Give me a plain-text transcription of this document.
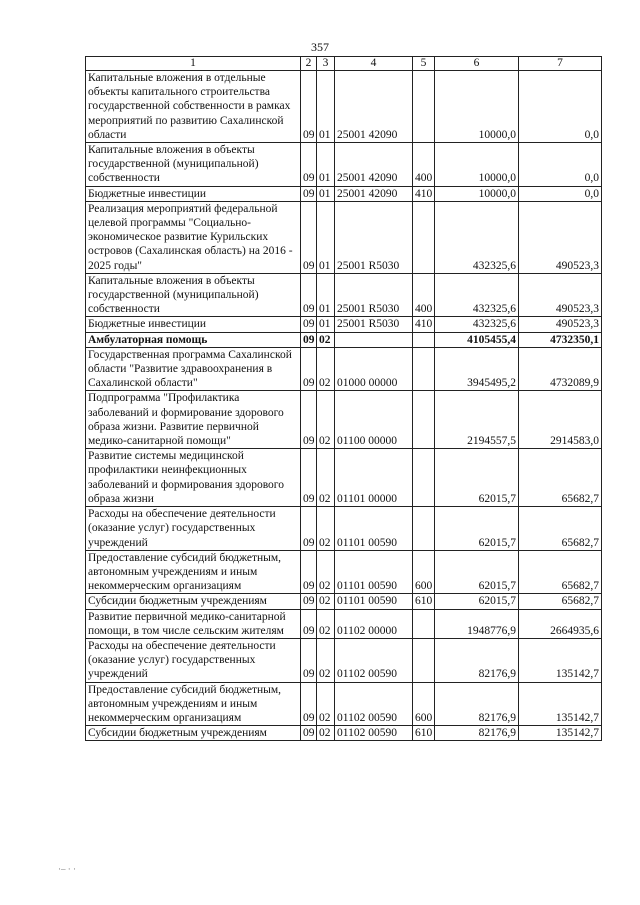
357
1	2	3	4	5	6	7
Капитальные вложения в отдельные объекты капитального строительства государственной собственности в рамках мероприятий по развитию Сахалинской области	09	01	25001 42090		10000,0	0,0
Капитальные вложения в объекты государственной (муниципальной) собственности	09	01	25001 42090	400	10000,0	0,0
Бюджетные инвестиции	09	01	25001 42090	410	10000,0	0,0
Реализация мероприятий федеральной целевой программы "Социально-экономическое развитие Курильских островов (Сахалинская область) на 2016 - 2025 годы"	09	01	25001 R5030		432325,6	490523,3
Капитальные вложения в объекты государственной (муниципальной) собственности	09	01	25001 R5030	400	432325,6	490523,3
Бюджетные инвестиции	09	01	25001 R5030	410	432325,6	490523,3
Амбулаторная помощь	09	02			4105455,4	4732350,1
Государственная программа Сахалинской области "Развитие здравоохранения в Сахалинской области"	09	02	01000 00000		3945495,2	4732089,9
Подпрограмма "Профилактика заболеваний и формирование здорового образа жизни. Развитие первичной медико-санитарной помощи"	09	02	01100 00000		2194557,5	2914583,0
Развитие системы медицинской профилактики неинфекционных заболеваний и формирования здорового образа жизни	09	02	01101 00000		62015,7	65682,7
Расходы на обеспечение деятельности (оказание услуг) государственных учреждений	09	02	01101 00590		62015,7	65682,7
Предоставление субсидий бюджетным, автономным учреждениям и иным некоммерческим организациям	09	02	01101 00590	600	62015,7	65682,7
Субсидии бюджетным учреждениям	09	02	01101 00590	610	62015,7	65682,7
Развитие первичной медико-санитарной помощи, в том числе сельским жителям	09	02	01102 00000		1948776,9	2664935,6
Расходы на обеспечение деятельности (оказание услуг) государственных учреждений	09	02	01102 00590		82176,9	135142,7
Предоставление субсидий бюджетным, автономным учреждениям и иным некоммерческим организациям	09	02	01102 00590	600	82176,9	135142,7
Субсидии бюджетным учреждениям	09	02	01102 00590	610	82176,9	135142,7
·– · ·
